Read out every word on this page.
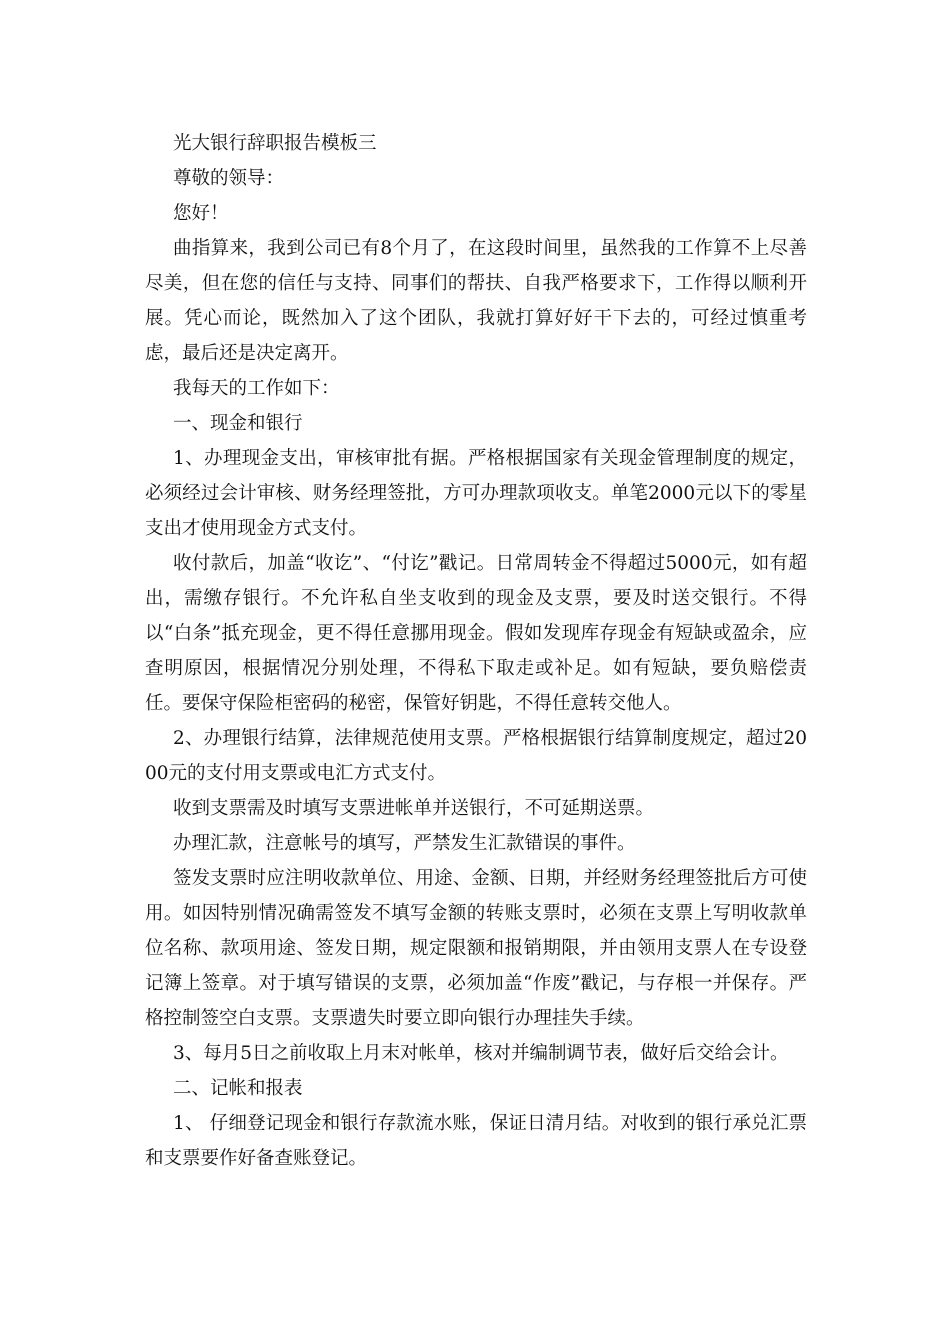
光大银行辞职报告模板三

尊敬的领导：

您好！

曲指算来，我到公司已有8个月了，在这段时间里，虽然我的工作算不上尽善尽美，但在您的信任与支持、同事们的帮扶、自我严格要求下，工作得以顺利开展。凭心而论，既然加入了这个团队，我就打算好好干下去的，可经过慎重考虑，最后还是决定离开。

我每天的工作如下：

一、现金和银行

1、办理现金支出，审核审批有据。严格根据国家有关现金管理制度的规定，必须经过会计审核、财务经理签批，方可办理款项收支。单笔2000元以下的零星支出才使用现金方式支付。

收付款后，加盖“收讫”、“付讫”戳记。日常周转金不得超过5000元，如有超出，需缴存银行。不允许私自坐支收到的现金及支票，要及时送交银行。不得以“白条”抵充现金，更不得任意挪用现金。假如发现库存现金有短缺或盈余，应查明原因，根据情况分别处理，不得私下取走或补足。如有短缺，要负赔偿责任。要保守保险柜密码的秘密，保管好钥匙，不得任意转交他人。

2、办理银行结算，法律规范使用支票。严格根据银行结算制度规定，超过2000元的支付用支票或电汇方式支付。

收到支票需及时填写支票进帐单并送银行，不可延期送票。

办理汇款，注意帐号的填写，严禁发生汇款错误的事件。

签发支票时应注明收款单位、用途、金额、日期，并经财务经理签批后方可使用。如因特别情况确需签发不填写金额的转账支票时，必须在支票上写明收款单位名称、款项用途、签发日期，规定限额和报销期限，并由领用支票人在专设登记簿上签章。对于填写错误的支票，必须加盖“作废”戳记，与存根一并保存。严格控制签空白支票。支票遗失时要立即向银行办理挂失手续。

3、每月5日之前收取上月末对帐单，核对并编制调节表，做好后交给会计。

二、记帐和报表

1、 仔细登记现金和银行存款流水账，保证日清月结。对收到的银行承兑汇票和支票要作好备查账登记。
